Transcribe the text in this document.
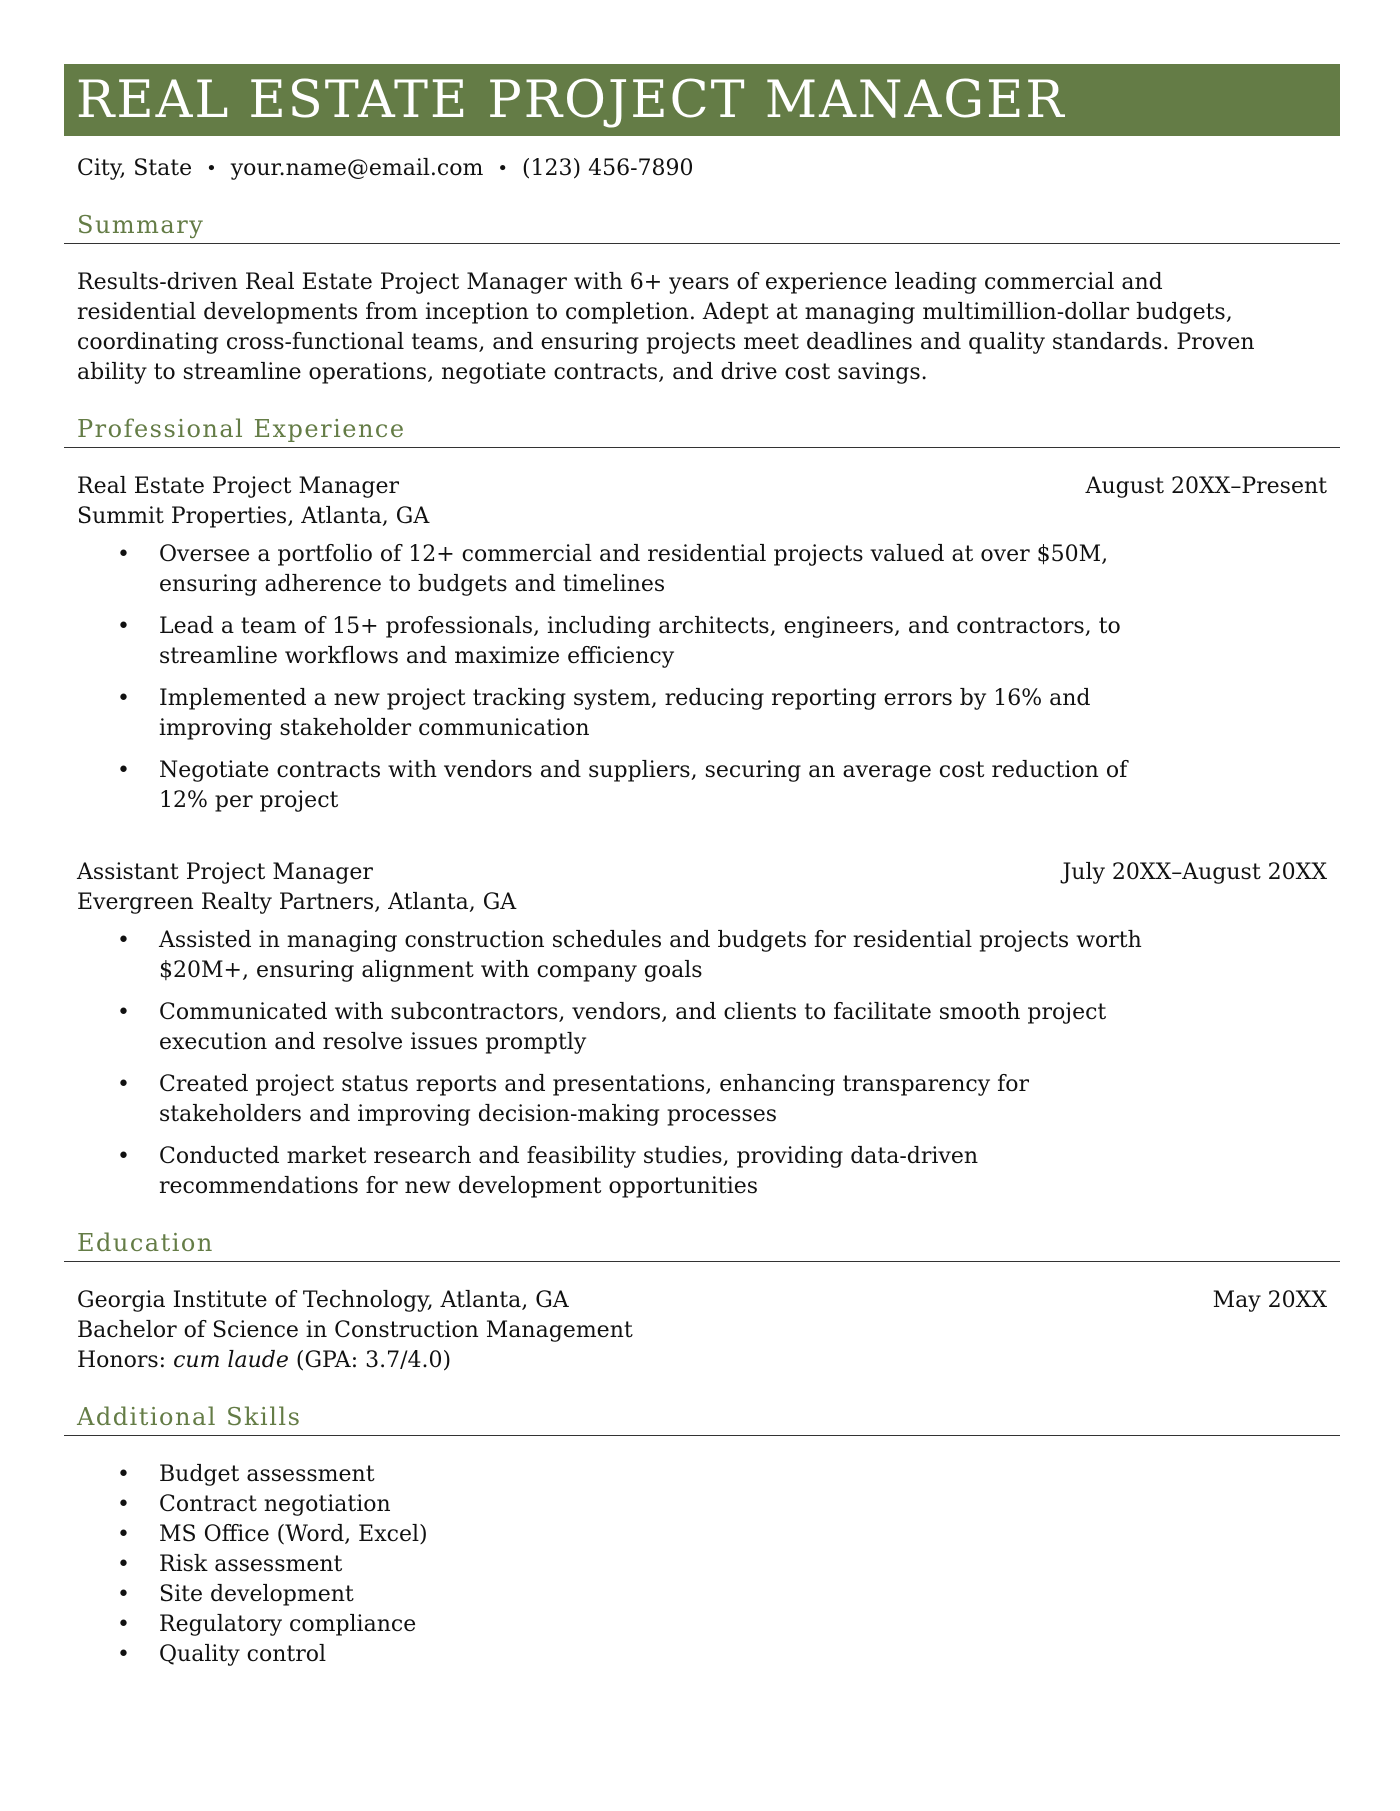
REAL ESTATE PROJECT MANAGER
City, State • your.name@email.com • (123) 456-7890
Summary

Results-driven Real Estate Project Manager with 6+ years of experience leading commercial and residential developments from inception to completion. Adept at managing multimillion-dollar budgets, coordinating cross-functional teams, and ensuring projects meet deadlines and quality standards. Proven ability to streamline operations, negotiate contracts, and drive cost savings.

Professional Experience
Real Estate Project Manager	August 20XX–Present
Summit Properties, Atlanta, GA
• Oversee a portfolio of 12+ commercial and residential projects valued at over $50M, ensuring adherence to budgets and timelines
• Lead a team of 15+ professionals, including architects, engineers, and contractors, to streamline workflows and maximize efficiency
• Implemented a new project tracking system, reducing reporting errors by 16% and improving stakeholder communication
• Negotiate contracts with vendors and suppliers, securing an average cost reduction of 12% per project
Assistant Project Manager	July 20XX–August 20XX
Evergreen Realty Partners, Atlanta, GA
• Assisted in managing construction schedules and budgets for residential projects worth $20M+, ensuring alignment with company goals
• Communicated with subcontractors, vendors, and clients to facilitate smooth project execution and resolve issues promptly
• Created project status reports and presentations, enhancing transparency for stakeholders and improving decision-making processes
• Conducted market research and feasibility studies, providing data-driven recommendations for new development opportunities
Education
Georgia Institute of Technology, Atlanta, GA	May 20XX
Bachelor of Science in Construction Management
Honors: cum laude (GPA: 3.7/4.0)
Additional Skills
• Budget assessment
• Contract negotiation
• MS Office (Word, Excel)
• Risk assessment
• Site development
• Regulatory compliance
• Quality control
